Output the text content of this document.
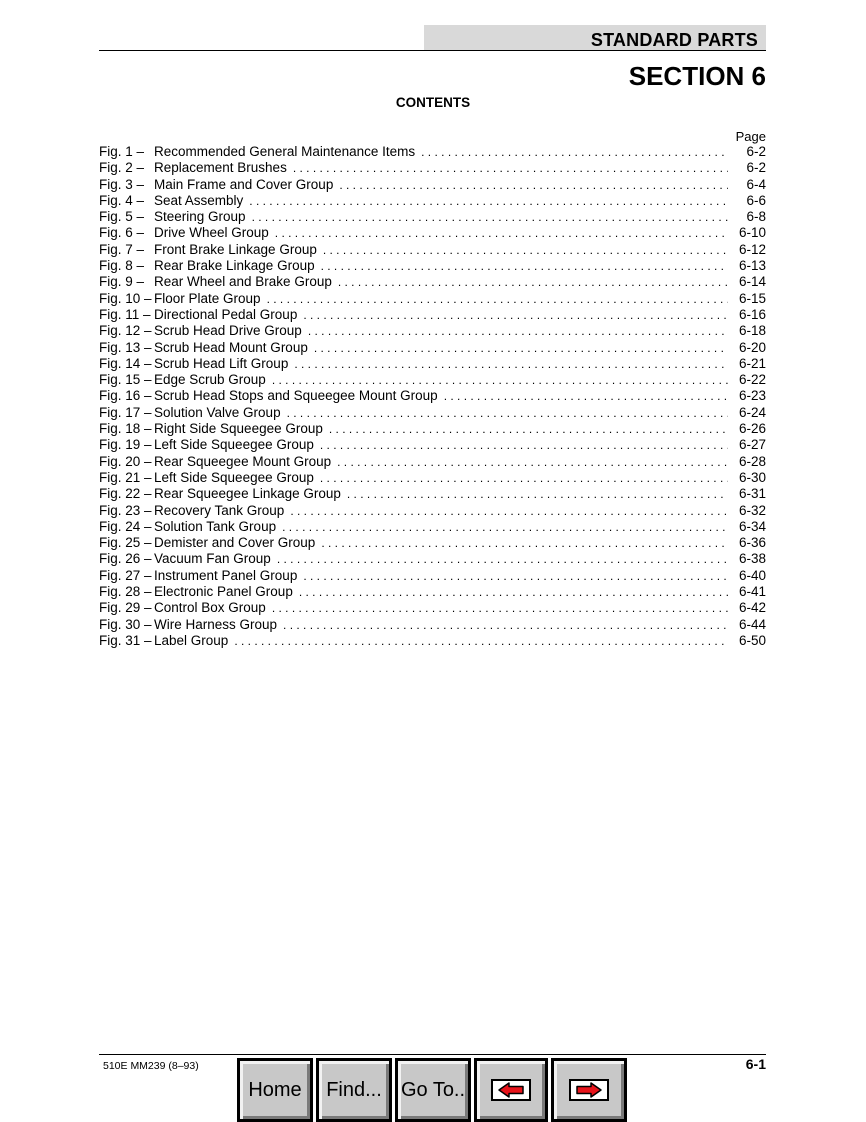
STANDARD PARTS
SECTION 6
CONTENTS
Page
Fig. 1 – Recommended General Maintenance Items . . .	6-2
Fig. 2 – Replacement Brushes . . .	6-2
Fig. 3 – Main Frame and Cover Group . . .	6-4
Fig. 4 – Seat Assembly . . .	6-6
Fig. 5 – Steering Group . . .	6-8
Fig. 6 – Drive Wheel Group . . .	6-10
Fig. 7 – Front Brake Linkage Group . . .	6-12
Fig. 8 – Rear Brake Linkage Group . . .	6-13
Fig. 9 – Rear Wheel and Brake Group . . .	6-14
Fig. 10 – Floor Plate Group . . .	6-15
Fig. 11 – Directional Pedal Group . . .	6-16
Fig. 12 – Scrub Head Drive Group . . .	6-18
Fig. 13 – Scrub Head Mount Group . . .	6-20
Fig. 14 – Scrub Head Lift Group . . .	6-21
Fig. 15 – Edge Scrub Group . . .	6-22
Fig. 16 – Scrub Head Stops and Squeegee Mount Group . . .	6-23
Fig. 17 – Solution Valve Group . . .	6-24
Fig. 18 – Right Side Squeegee Group . . .	6-26
Fig. 19 – Left Side Squeegee Group . . .	6-27
Fig. 20 – Rear Squeegee Mount Group . . .	6-28
Fig. 21 – Left Side Squeegee Group . . .	6-30
Fig. 22 – Rear Squeegee Linkage Group . . .	6-31
Fig. 23 – Recovery Tank Group . . .	6-32
Fig. 24 – Solution Tank Group . . .	6-34
Fig. 25 – Demister and Cover Group . . .	6-36
Fig. 26 – Vacuum Fan Group . . .	6-38
Fig. 27 – Instrument Panel Group . . .	6-40
Fig. 28 – Electronic Panel Group . . .	6-41
Fig. 29 – Control Box Group . . .	6-42
Fig. 30 – Wire Harness Group . . .	6-44
Fig. 31 – Label Group . . .	6-50
510E MM239 (8–93)	6-1
Home	Find... Go To..
